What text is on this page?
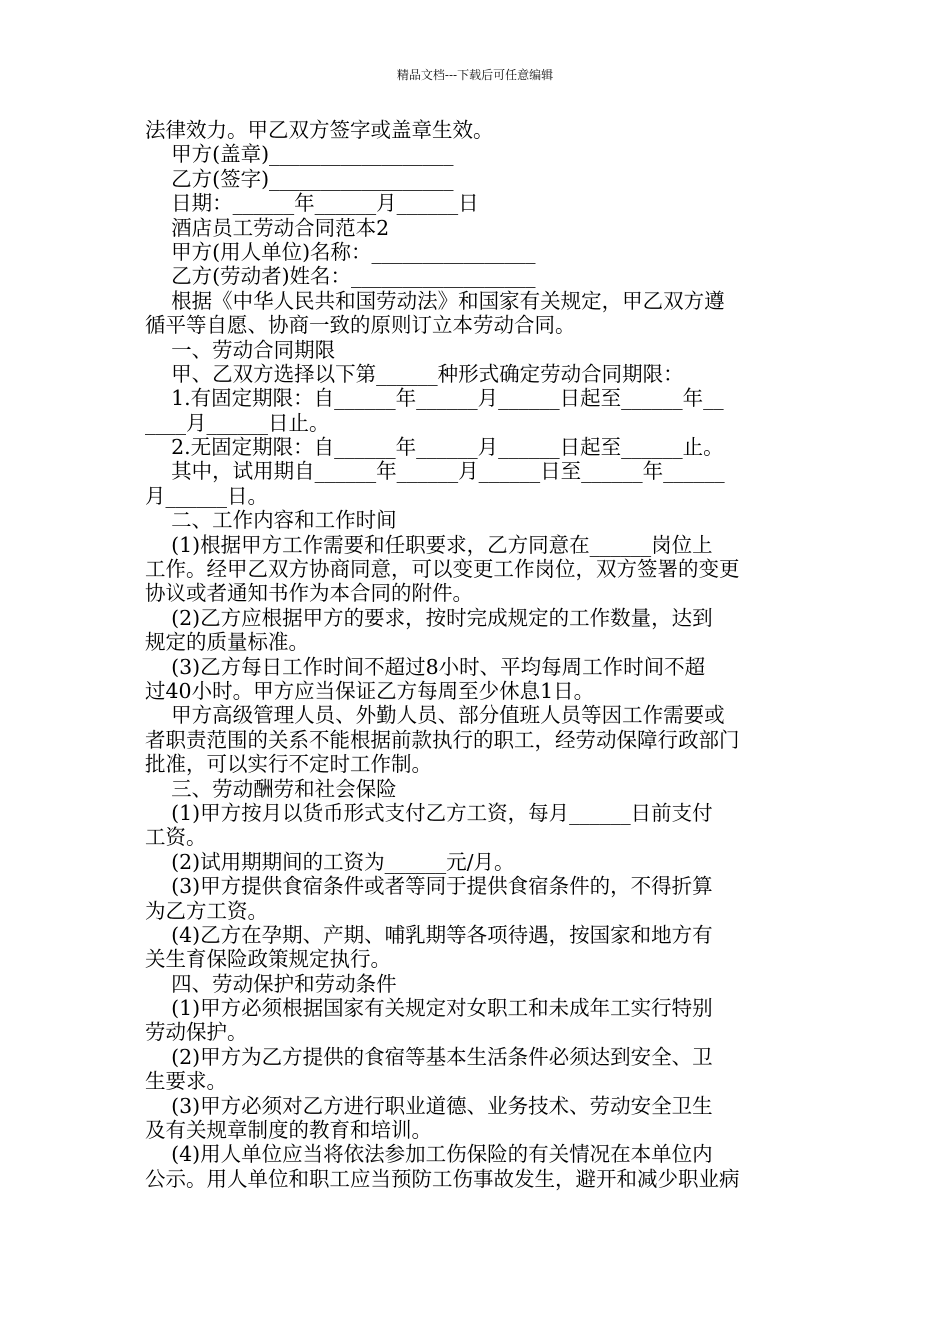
精品文档---下载后可任意编辑
法律效力。甲乙双方签字或盖章生效。
甲方(盖章)__________________
乙方(签字)__________________
日期：______年______月______日
酒店员工劳动合同范本2
甲方(用人单位)名称：________________
乙方(劳动者)姓名：__________________
根据《中华人民共和国劳动法》和国家有关规定，甲乙双方遵
循平等自愿、协商一致的原则订立本劳动合同。
一、劳动合同期限
甲、乙双方选择以下第______种形式确定劳动合同期限：
1.有固定期限：自______年______月______日起至______年__
____月______日止。
2.无固定期限：自______年______月______日起至______止。
其中，试用期自______年______月______日至______年______
月______日。
二、工作内容和工作时间
(1)根据甲方工作需要和任职要求，乙方同意在______岗位上
工作。经甲乙双方协商同意，可以变更工作岗位，双方签署的变更
协议或者通知书作为本合同的附件。
(2)乙方应根据甲方的要求，按时完成规定的工作数量，达到
规定的质量标准。
(3)乙方每日工作时间不超过8小时、平均每周工作时间不超
过40小时。甲方应当保证乙方每周至少休息1日。
甲方高级管理人员、外勤人员、部分值班人员等因工作需要或
者职责范围的关系不能根据前款执行的职工，经劳动保障行政部门
批准，可以实行不定时工作制。
三、劳动酬劳和社会保险
(1)甲方按月以货币形式支付乙方工资，每月______日前支付
工资。
(2)试用期期间的工资为______元/月。
(3)甲方提供食宿条件或者等同于提供食宿条件的，不得折算
为乙方工资。
(4)乙方在孕期、产期、哺乳期等各项待遇，按国家和地方有
关生育保险政策规定执行。
四、劳动保护和劳动条件
(1)甲方必须根据国家有关规定对女职工和未成年工实行特别
劳动保护。
(2)甲方为乙方提供的食宿等基本生活条件必须达到安全、卫
生要求。
(3)甲方必须对乙方进行职业道德、业务技术、劳动安全卫生
及有关规章制度的教育和培训。
(4)用人单位应当将依法参加工伤保险的有关情况在本单位内
公示。用人单位和职工应当预防工伤事故发生，避开和减少职业病
